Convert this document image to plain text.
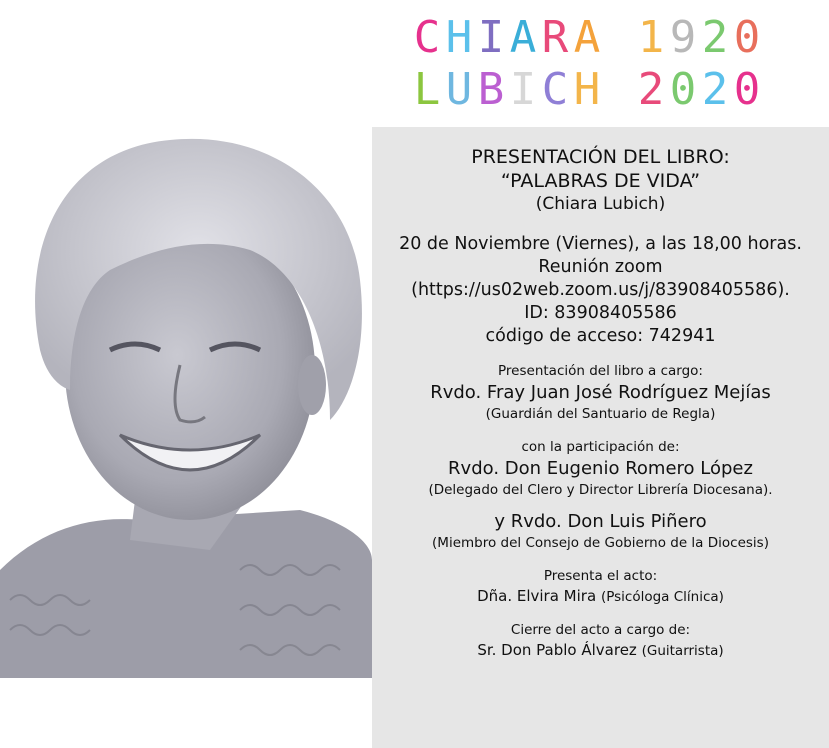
C H I A R A 1 9 2 0
L U B I C H 2 0 2 0
PRESENTACIÓN DEL LIBRO:
“PALABRAS DE VIDA”
(Chiara Lubich)
20 de Noviembre (Viernes), a las 18,00 horas.
Reunión zoom
(https://us02web.zoom.us/j/83908405586).
ID: 83908405586
código de acceso: 742941
Presentación del libro a cargo:
Rvdo. Fray Juan José Rodríguez Mejías
(Guardián del Santuario de Regla)
con la participación de:
Rvdo. Don Eugenio Romero López
(Delegado del Clero y Director Librería Diocesana).
y Rvdo. Don Luis Piñero
(Miembro del Consejo de Gobierno de la Diocesis)
Presenta el acto:
Dña. Elvira Mira (Psicóloga Clínica)
Cierre del acto a cargo de:
Sr. Don Pablo Álvarez (Guitarrista)
